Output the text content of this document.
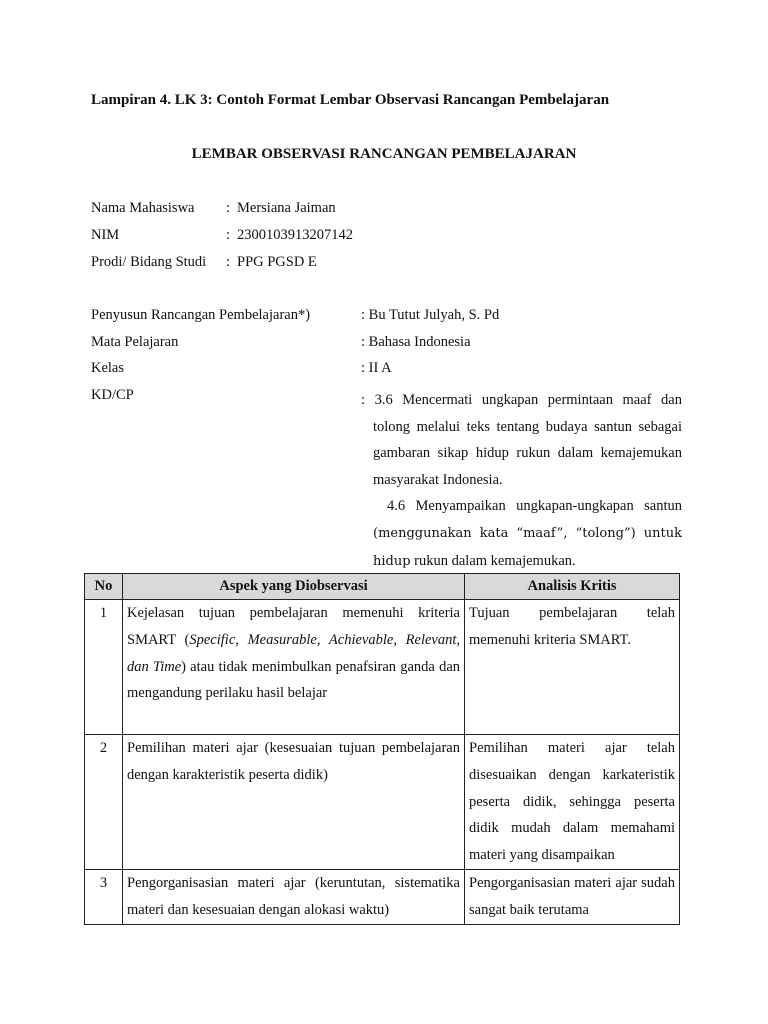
Lampiran 4. LK 3: Contoh Format Lembar Observasi Rancangan Pembelajaran
LEMBAR OBSERVASI RANCANGAN PEMBELAJARAN
Nama Mahasiswa : Mersiana Jaiman
NIM	: 2300103913207142
Prodi/ Bidang Studi : PPG PGSD E
Penyusun Rancangan Pembelajaran*)	: Bu Tutut Julyah, S. Pd
Mata Pelajaran	: Bahasa Indonesia
Kelas	: II A
KD/CP	: 3.6 Mencermati ungkapan permintaan maaf dan tolong melalui teks tentang budaya santun sebagai gambaran sikap hidup rukun dalam kemajemukan masyarakat Indonesia.

4.6 Menyampaikan ungkapan-ungkapan santun (menggunakan kata “maaf”, “tolong”) untuk hidup rukun dalam kemajemukan.

No	Aspek yang Diobservasi	Analisis Kritis
1	Kejelasan tujuan pembelajaran memenuhi kriteria SMART (Specific, Measurable, Achievable, Relevant, dan Time) atau tidak menimbulkan penafsiran ganda dan mengandung perilaku hasil belajar	Tujuan pembelajaran telah memenuhi kriteria SMART.
2	Pemilihan materi ajar (kesesuaian tujuan pembelajaran dengan karakteristik peserta didik)	Pemilihan materi ajar telah disesuaikan dengan karkateristik peserta didik, sehingga peserta didik mudah dalam memahami materi yang disampaikan
3	Pengorganisasian materi ajar (keruntutan, sistematika materi dan kesesuaian dengan alokasi waktu)	Pengorganisasian materi ajar sudah sangat baik terutama
